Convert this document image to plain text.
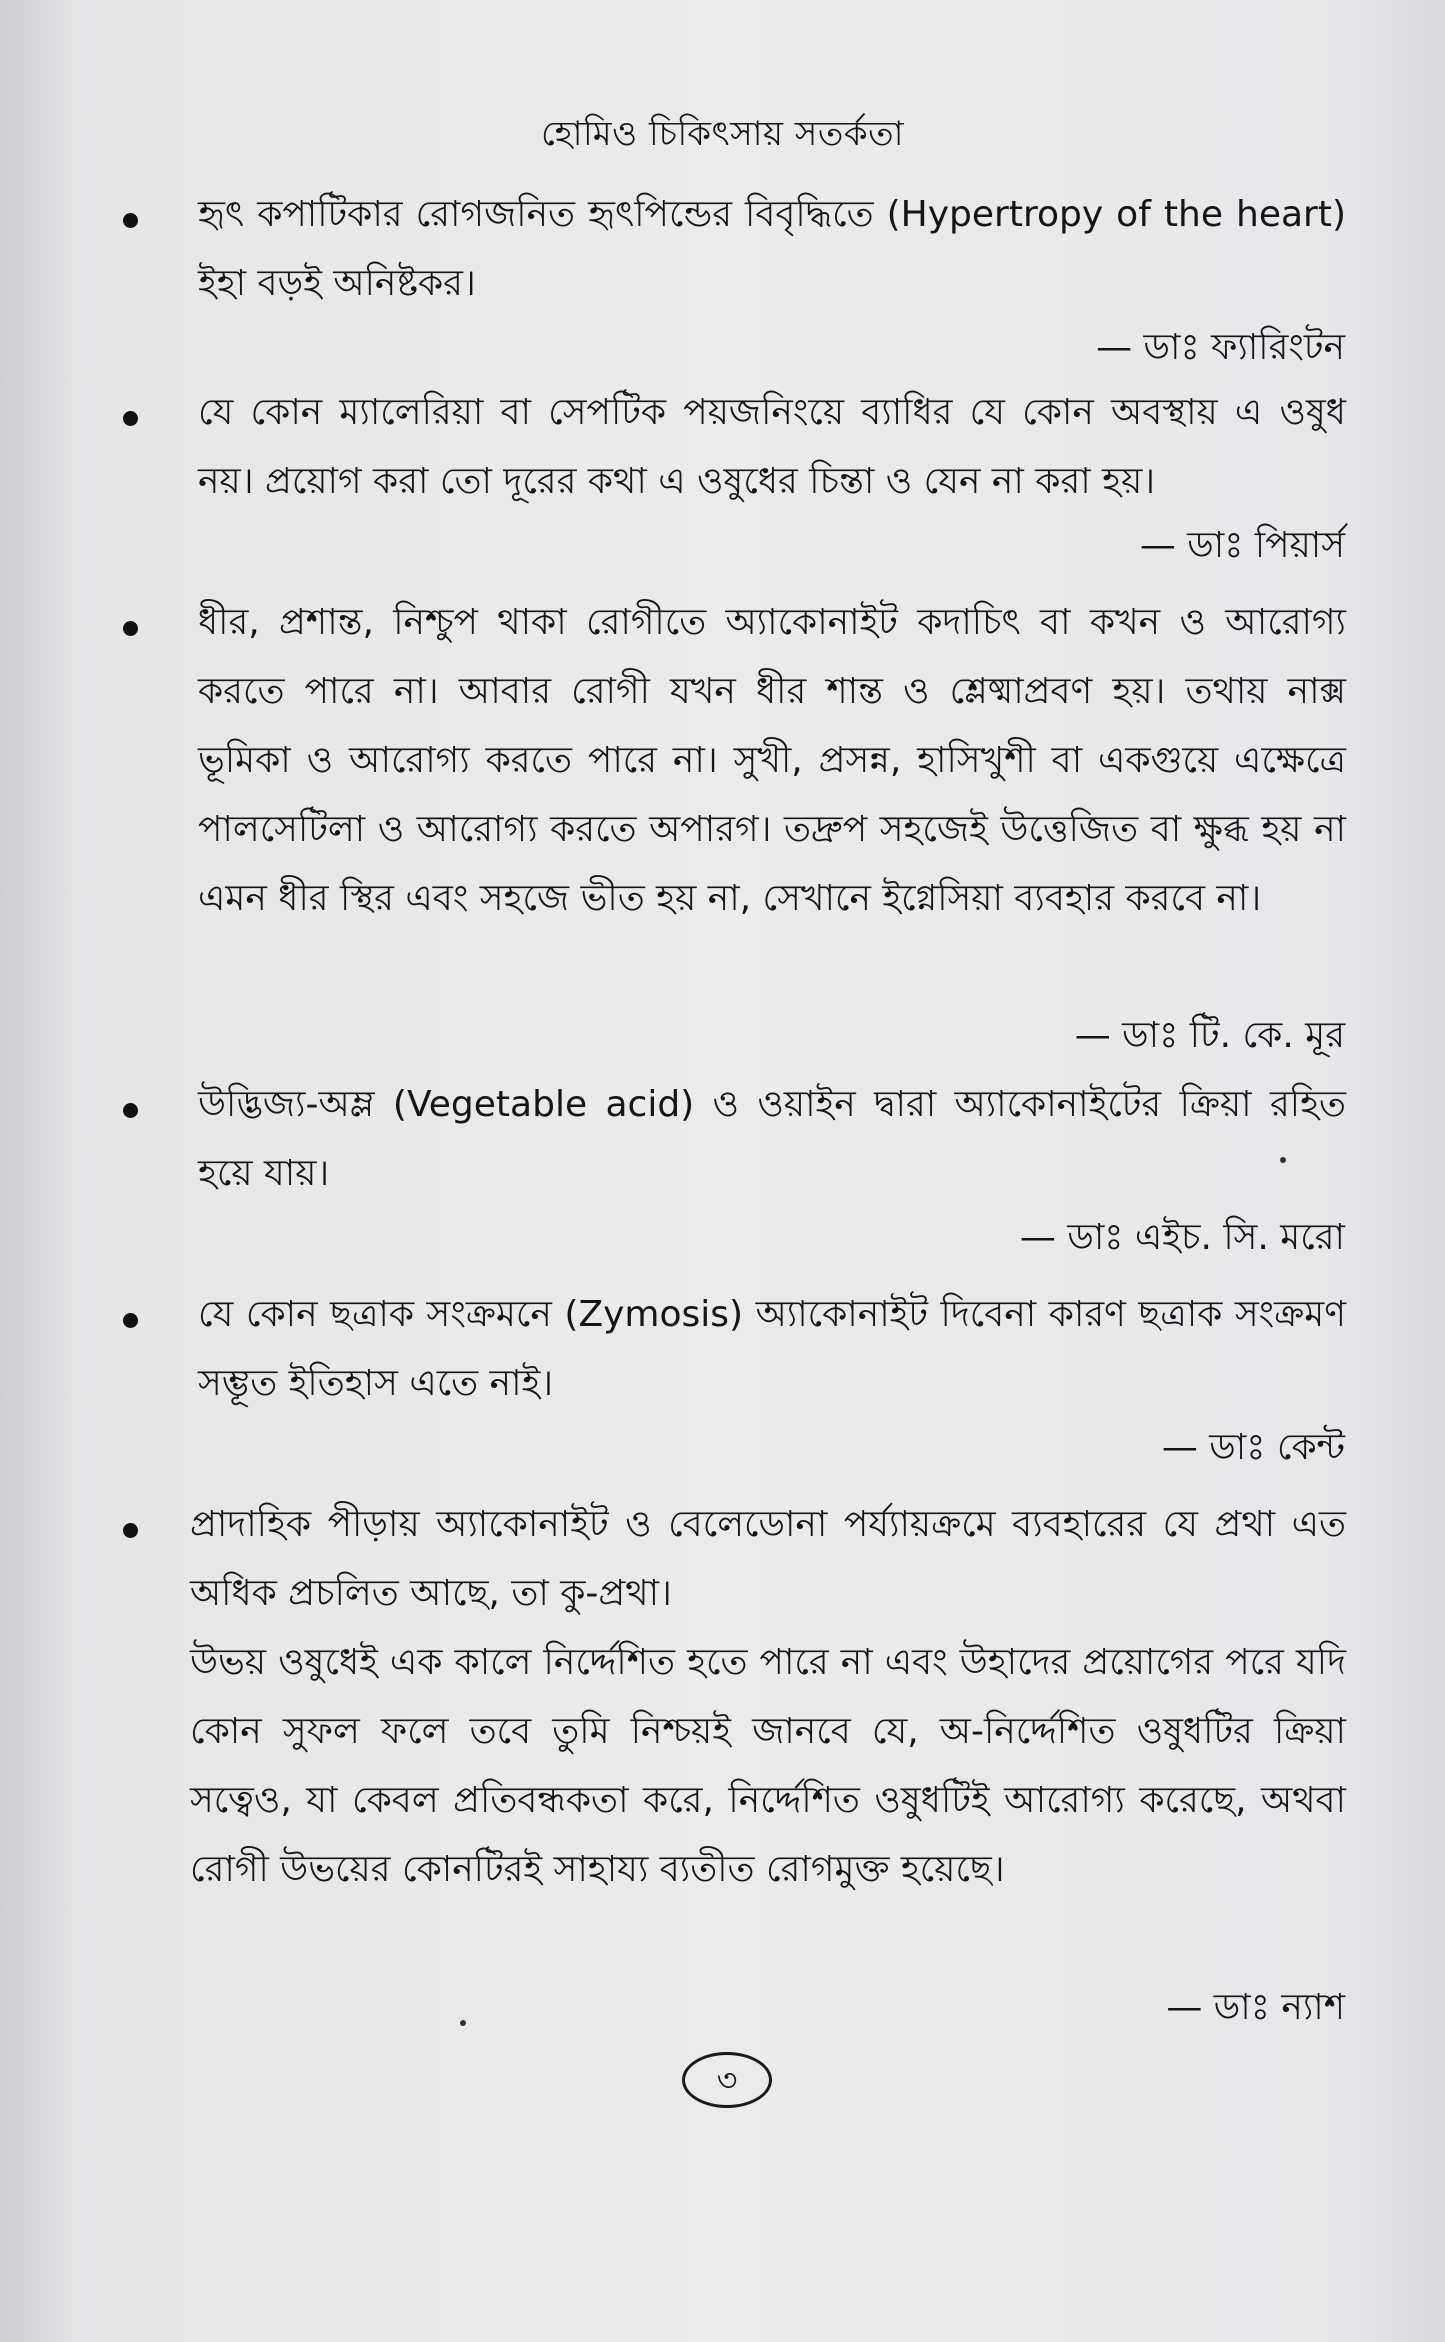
হোমিও চিকিৎসায় সতর্কতা
হৃৎ কপাটিকার রোগজনিত হৃৎপিন্ডের বিবৃদ্ধিতে (Hypertropy of the heart) ইহা বড়ই অনিষ্টকর।
— ডাঃ ফ্যারিংটন
যে কোন ম্যালেরিয়া বা সেপটিক পয়জনিংয়ে ব্যাধির যে কোন অবস্থায় এ ওষুধ নয়। প্রয়োগ করা তো দূরের কথা এ ওষুধের চিন্তা ও যেন না করা হয়।
— ডাঃ পিয়ার্স
ধীর, প্রশান্ত, নিশ্চুপ থাকা রোগীতে অ্যাকোনাইট কদাচিৎ বা কখন ও আরোগ্য করতে পারে না। আবার রোগী যখন ধীর শান্ত ও শ্লেষ্মাপ্রবণ হয়। তথায় নাক্স ভূমিকা ও আরোগ্য করতে পারে না। সুখী, প্রসন্ন, হাসিখুশী বা একগুয়ে এক্ষেত্রে পালসেটিলা ও আরোগ্য করতে অপারগ। তদ্রুপ সহজেই উত্তেজিত বা ক্ষুব্ধ হয় না এমন ধীর স্থির এবং সহজে ভীত হয় না, সেখানে ইগ্নেসিয়া ব্যবহার করবে না।
— ডাঃ টি. কে. মূর
উদ্ভিজ্য-অম্ল (Vegetable acid) ও ওয়াইন দ্বারা অ্যাকোনাইটের ক্রিয়া রহিত হয়ে যায়।
— ডাঃ এইচ. সি. মরো
যে কোন ছত্রাক সংক্রমনে (Zymosis) অ্যাকোনাইট দিবেনা কারণ ছত্রাক সংক্রমণ সম্ভূত ইতিহাস এতে নাই।
— ডাঃ কেন্ট
প্রাদাহিক পীড়ায় অ্যাকোনাইট ও বেলেডোনা পর্য্যায়ক্রমে ব্যবহারের যে প্রথা এত অধিক প্রচলিত আছে, তা কু-প্রথা।
উভয় ওষুধেই এক কালে নির্দ্দেশিত হতে পারে না এবং উহাদের প্রয়োগের পরে যদি কোন সুফল ফলে তবে তুমি নিশ্চয়ই জানবে যে, অ-নির্দ্দেশিত ওষুধটির ক্রিয়া সত্বেও, যা কেবল প্রতিবন্ধকতা করে, নির্দ্দেশিত ওষুধটিই আরোগ্য করেছে, অথবা রোগী উভয়ের কোনটিরই সাহায্য ব্যতীত রোগমুক্ত হয়েছে।
— ডাঃ ন্যাশ
৩
